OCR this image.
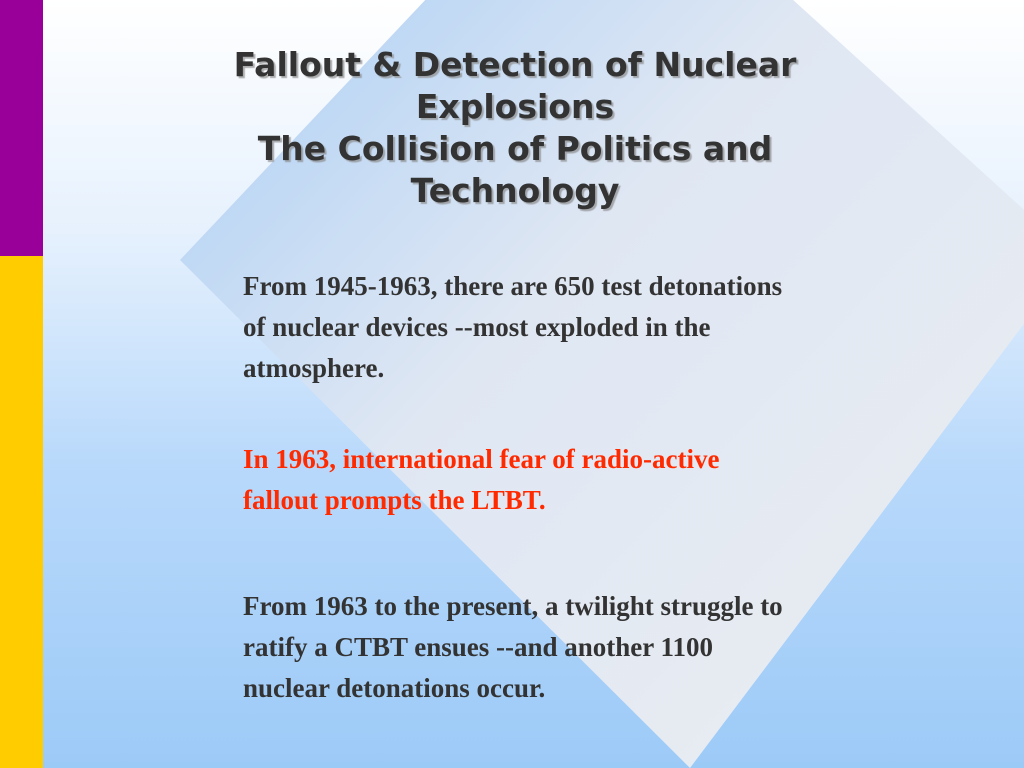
Fallout & Detection of Nuclear
Explosions
The Collision of Politics and
Technology
From 1945-1963, there are 650 test detonations of nuclear devices --most exploded in the atmosphere.
In 1963, international fear of radio-active fallout prompts the LTBT.
From 1963 to the present, a twilight struggle to ratify a CTBT ensues --and another 1100 nuclear detonations occur.
